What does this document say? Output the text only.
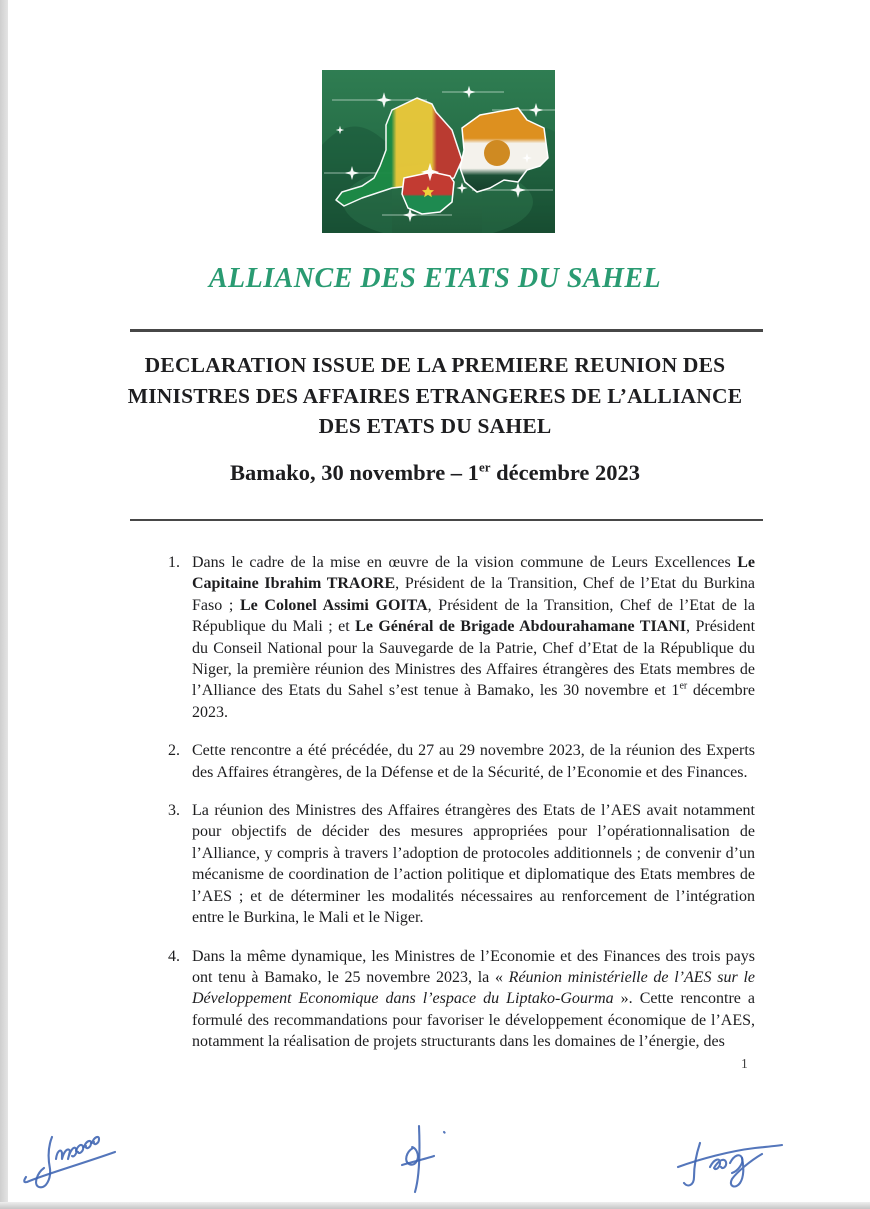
ALLIANCE DES ETATS DU SAHEL
DECLARATION ISSUE DE LA PREMIERE REUNION DES
MINISTRES DES AFFAIRES ETRANGERES DE L’ALLIANCE
DES ETATS DU SAHEL
Bamako, 30 novembre – 1er décembre 2023
1. Dans le cadre de la mise en œuvre de la vision commune de Leurs Excellences Le Capitaine Ibrahim TRAORE, Président de la Transition, Chef de l’Etat du Burkina Faso ; Le Colonel Assimi GOITA, Président de la Transition, Chef de l’Etat de la République du Mali ; et Le Général de Brigade Abdourahamane TIANI, Président du Conseil National pour la Sauvegarde de la Patrie, Chef d’Etat de la République du Niger, la première réunion des Ministres des Affaires étrangères des Etats membres de l’Alliance des Etats du Sahel s’est tenue à Bamako, les 30 novembre et 1er décembre 2023.
2. Cette rencontre a été précédée, du 27 au 29 novembre 2023, de la réunion des Experts des Affaires étrangères, de la Défense et de la Sécurité, de l’Economie et des Finances.
3. La réunion des Ministres des Affaires étrangères des Etats de l’AES avait notamment pour objectifs de décider des mesures appropriées pour l’opérationnalisation de l’Alliance, y compris à travers l’adoption de protocoles additionnels ; de convenir d’un mécanisme de coordination de l’action politique et diplomatique des Etats membres de l’AES ; et de déterminer les modalités nécessaires au renforcement de l’intégration entre le Burkina, le Mali et le Niger.
4. Dans la même dynamique, les Ministres de l’Economie et des Finances des trois pays ont tenu à Bamako, le 25 novembre 2023, la « Réunion ministérielle de l’AES sur le Développement Economique dans l’espace du Liptako-Gourma ». Cette rencontre a formulé des recommandations pour favoriser le développement économique de l’AES, notamment la réalisation de projets structurants dans les domaines de l’énergie, des
1
